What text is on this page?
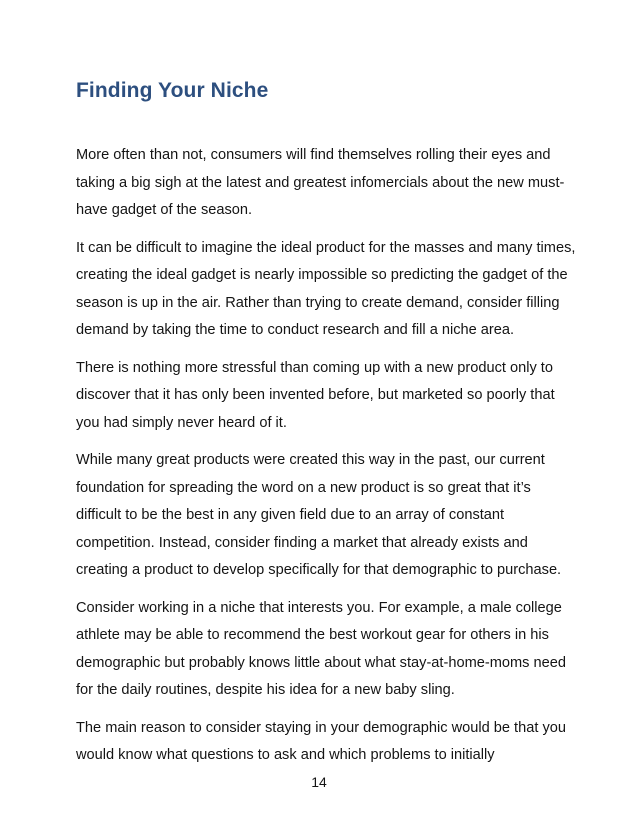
Finding Your Niche

More often than not, consumers will find themselves rolling their eyes and taking a big sigh at the latest and greatest infomercials about the new must-have gadget of the season.

It can be difficult to imagine the ideal product for the masses and many times, creating the ideal gadget is nearly impossible so predicting the gadget of the season is up in the air. Rather than trying to create demand, consider filling demand by taking the time to conduct research and fill a niche area.

There is nothing more stressful than coming up with a new product only to discover that it has only been invented before, but marketed so poorly that you had simply never heard of it.

While many great products were created this way in the past, our current foundation for spreading the word on a new product is so great that it’s difficult to be the best in any given field due to an array of constant competition. Instead, consider finding a market that already exists and creating a product to develop specifically for that demographic to purchase.

Consider working in a niche that interests you. For example, a male college athlete may be able to recommend the best workout gear for others in his demographic but probably knows little about what stay-at-home-moms need for the daily routines, despite his idea for a new baby sling.

The main reason to consider staying in your demographic would be that you would know what questions to ask and which problems to initially

14
